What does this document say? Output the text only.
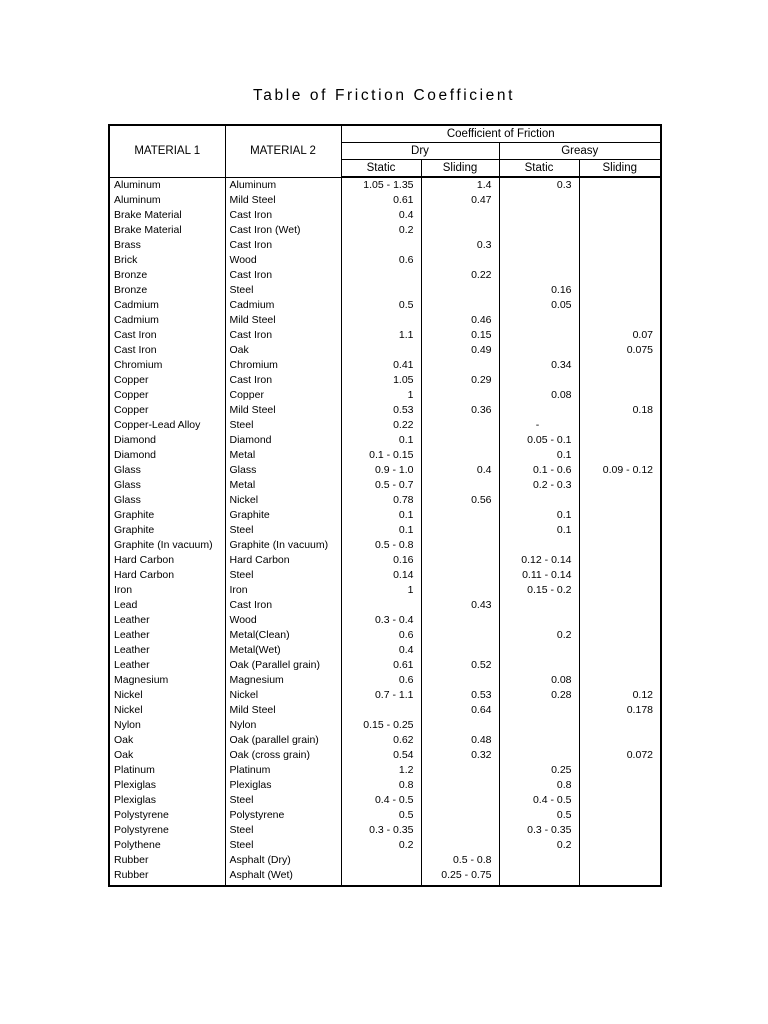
Table of Friction Coefficient
MATERIAL 1	MATERIAL 2	Coefficient of Friction			
		Dry		Greasy	
		Static	Sliding	Static	Sliding
Aluminum	Aluminum	1.05 - 1.35	1.4	0.3	
Aluminum	Mild Steel	0.61	0.47		
Brake Material	Cast Iron	0.4			
Brake Material	Cast Iron (Wet)	0.2			
Brass	Cast Iron		0.3		
Brick	Wood	0.6			
Bronze	Cast Iron		0.22		
Bronze	Steel			0.16	
Cadmium	Cadmium	0.5		0.05	
Cadmium	Mild Steel		0.46		
Cast Iron	Cast Iron	1.1	0.15		0.07
Cast Iron	Oak		0.49		0.075
Chromium	Chromium	0.41		0.34	
Copper	Cast Iron	1.05	0.29		
Copper	Copper	1		0.08	
Copper	Mild Steel	0.53	0.36		0.18
Copper-Lead Alloy	Steel	0.22		-	
Diamond	Diamond	0.1		0.05 - 0.1	
Diamond	Metal	0.1 - 0.15		0.1	
Glass	Glass	0.9 - 1.0	0.4	0.1 - 0.6	0.09 - 0.12
Glass	Metal	0.5 - 0.7		0.2 - 0.3	
Glass	Nickel	0.78	0.56		
Graphite	Graphite	0.1		0.1	
Graphite	Steel	0.1		0.1	
Graphite (In vacuum)	Graphite (In vacuum)	0.5 - 0.8			
Hard Carbon	Hard Carbon	0.16		0.12 - 0.14	
Hard Carbon	Steel	0.14		0.11 - 0.14	
Iron	Iron	1		0.15 - 0.2	
Lead	Cast Iron		0.43		
Leather	Wood	0.3 - 0.4			
Leather	Metal(Clean)	0.6		0.2	
Leather	Metal(Wet)	0.4			
Leather	Oak (Parallel grain)	0.61	0.52		
Magnesium	Magnesium	0.6		0.08	
Nickel	Nickel	0.7 - 1.1	0.53	0.28	0.12
Nickel	Mild Steel		0.64		0.178
Nylon	Nylon	0.15 - 0.25			
Oak	Oak (parallel grain)	0.62	0.48		
Oak	Oak (cross grain)	0.54	0.32		0.072
Platinum	Platinum	1.2		0.25	
Plexiglas	Plexiglas	0.8		0.8	
Plexiglas	Steel	0.4 - 0.5		0.4 - 0.5	
Polystyrene	Polystyrene	0.5		0.5	
Polystyrene	Steel	0.3 - 0.35		0.3 - 0.35	
Polythene	Steel	0.2		0.2	
Rubber	Asphalt (Dry)		0.5 - 0.8		
Rubber	Asphalt (Wet)		0.25 - 0.75		
